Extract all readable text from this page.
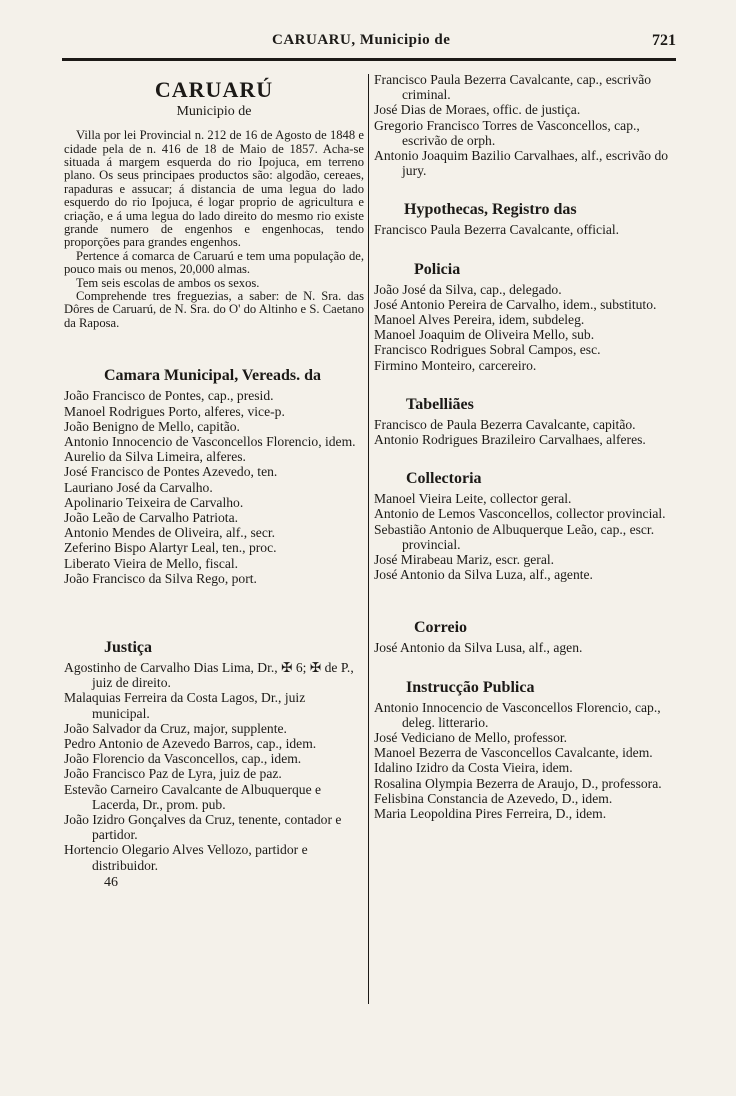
CARUARU, Municipio de	721
CARUARÚ
Municipio de

Villa por lei Provincial n. 212 de 16 de Agosto de 1848 e cidade pela de n. 416 de 18 de Maio de 1857. Acha-se situada á margem esquerda do rio Ipojuca, em terreno plano. Os seus principaes productos são: algodão, cereaes, rapaduras e assucar; á distancia de uma legua do lado esquerdo do rio Ipojuca, é logar proprio de agricultura e criação, e á uma legua do lado direito do mesmo rio existe grande numero de engenhos e engenhocas, tendo proporções para grandes engenhos.

Pertence á comarca de Caruarú e tem uma população de, pouco mais ou menos, 20,000 almas.

Tem seis escolas de ambos os sexos.

Comprehende tres freguezias, a saber: de N. Sra. das Dôres de Caruarú, de N. Sra. do O' do Altinho e S. Caetano da Raposa.

Camara Municipal, Vereads. da

João Francisco de Pontes, cap., presid.

Manoel Rodrigues Porto, alferes, vice-p.

João Benigno de Mello, capitão.

Antonio Innocencio de Vasconcellos Florencio, idem.

Aurelio da Silva Limeira, alferes.

José Francisco de Pontes Azevedo, ten.

Lauriano José da Carvalho.

Apolinario Teixeira de Carvalho.

João Leão de Carvalho Patriota.

Antonio Mendes de Oliveira, alf., secr.

Zeferino Bispo Alartyr Leal, ten., proc.

Liberato Vieira de Mello, fiscal.

João Francisco da Silva Rego, port.

Justiça

Agostinho de Carvalho Dias Lima, Dr., ✠ 6; ✠ de P., juiz de direito.

Malaquias Ferreira da Costa Lagos, Dr., juiz municipal.

João Salvador da Cruz, major, supplente.

Pedro Antonio de Azevedo Barros, cap., idem.

João Florencio da Vasconcellos, cap., idem.

João Francisco Paz de Lyra, juiz de paz.

Estevão Carneiro Cavalcante de Albuquerque e Lacerda, Dr., prom. pub.

João Izidro Gonçalves da Cruz, tenente, contador e partidor.

Hortencio Olegario Alves Vellozo, partidor e distribuidor.

46

Francisco Paula Bezerra Cavalcante, cap., escrivão criminal.

José Dias de Moraes, offic. de justiça.

Gregorio Francisco Torres de Vasconcellos, cap., escrivão de orph.

Antonio Joaquim Bazilio Carvalhaes, alf., escrivão do jury.

Hypothecas, Registro das

Francisco Paula Bezerra Cavalcante, official.

Policia

João José da Silva, cap., delegado.

José Antonio Pereira de Carvalho, idem., substituto.

Manoel Alves Pereira, idem, subdeleg.

Manoel Joaquim de Oliveira Mello, sub.

Francisco Rodrigues Sobral Campos, esc.

Firmino Monteiro, carcereiro.

Tabelliães

Francisco de Paula Bezerra Cavalcante, capitão.

Antonio Rodrigues Brazileiro Carvalhaes, alferes.

Collectoria

Manoel Vieira Leite, collector geral.

Antonio de Lemos Vasconcellos, collector provincial.

Sebastião Antonio de Albuquerque Leão, cap., escr. provincial.

José Mirabeau Mariz, escr. geral.

José Antonio da Silva Luza, alf., agente.

Correio

José Antonio da Silva Lusa, alf., agen.

Instrucção Publica

Antonio Innocencio de Vasconcellos Florencio, cap., deleg. litterario.

José Vediciano de Mello, professor.

Manoel Bezerra de Vasconcellos Cavalcante, idem.

Idalino Izidro da Costa Vieira, idem.

Rosalina Olympia Bezerra de Araujo, D., professora.

Felisbina Constancia de Azevedo, D., idem.

Maria Leopoldina Pires Ferreira, D., idem.
